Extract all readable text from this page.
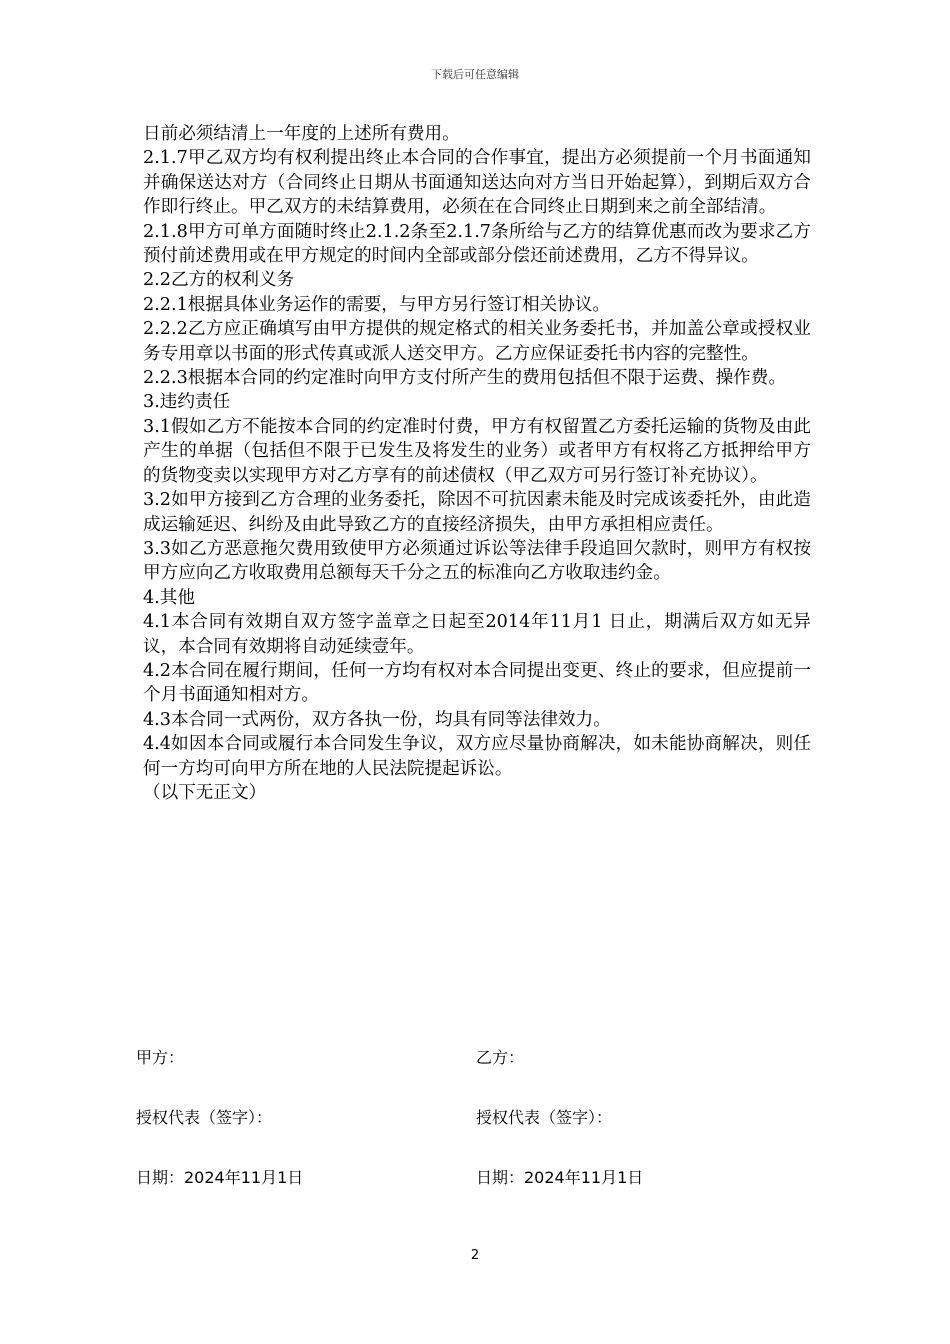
下载后可任意编辑

日前必须结清上一年度的上述所有费用。

2.1.7甲乙双方均有权利提出终止本合同的合作事宜，提出方必须提前一个月书面通知并确保送达对方（合同终止日期从书面通知送达向对方当日开始起算），到期后双方合作即行终止。甲乙双方的未结算费用，必须在在合同终止日期到来之前全部结清。

2.1.8甲方可单方面随时终止2.1.2条至2.1.7条所给与乙方的结算优惠而改为要求乙方预付前述费用或在甲方规定的时间内全部或部分偿还前述费用，乙方不得异议。

2.2乙方的权利义务

2.2.1根据具体业务运作的需要，与甲方另行签订相关协议。

2.2.2乙方应正确填写由甲方提供的规定格式的相关业务委托书，并加盖公章或授权业务专用章以书面的形式传真或派人送交甲方。乙方应保证委托书内容的完整性。

2.2.3根据本合同的约定准时向甲方支付所产生的费用包括但不限于运费、操作费。

3.违约责任

3.1假如乙方不能按本合同的约定准时付费，甲方有权留置乙方委托运输的货物及由此产生的单据（包括但不限于已发生及将发生的业务）或者甲方有权将乙方抵押给甲方的货物变卖以实现甲方对乙方享有的前述债权（甲乙双方可另行签订补充协议）。

3.2如甲方接到乙方合理的业务委托，除因不可抗因素未能及时完成该委托外，由此造成运输延迟、纠纷及由此导致乙方的直接经济损失，由甲方承担相应责任。

3.3如乙方恶意拖欠费用致使甲方必须通过诉讼等法律手段追回欠款时，则甲方有权按甲方应向乙方收取费用总额每天千分之五的标准向乙方收取违约金。

4.其他

4.1本合同有效期自双方签字盖章之日起至2014年11月1 日止，期满后双方如无异议，本合同有效期将自动延续壹年。

4.2本合同在履行期间，任何一方均有权对本合同提出变更、终止的要求，但应提前一个月书面通知相对方。

4.3本合同一式两份，双方各执一份，均具有同等法律效力。

4.4如因本合同或履行本合同发生争议，双方应尽量协商解决，如未能协商解决，则任何一方均可向甲方所在地的人民法院提起诉讼。

（以下无正文）

甲方：	乙方：
授权代表（签字）：	授权代表（签字）：
日期：2024年11月1日	日期：2024年11月1日
2
